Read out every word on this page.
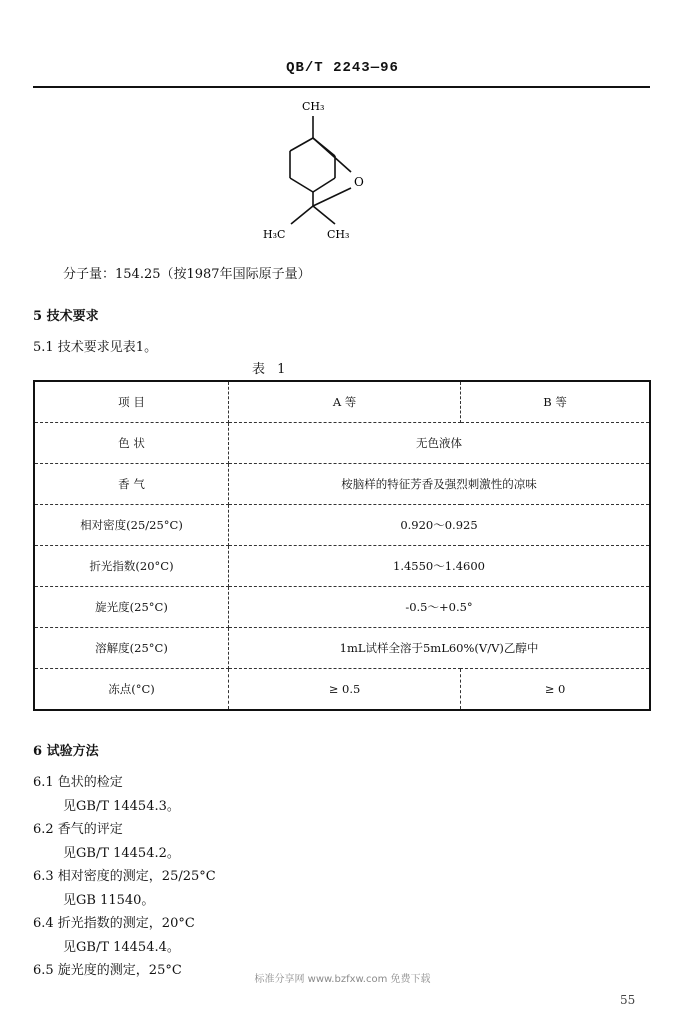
QB/T 2243—96
CH₃
O
H₃C	CH₃
分子量：154.25（按1987年国际原子量）
5 技术要求
5.1 技术要求见表1。
表 1
项 目	A 等	B 等
色 状	无色液体	
香 气	桉脑样的特征芳香及强烈刺激性的凉味	
相对密度(25/25°C)	0.920～0.925	
折光指数(20°C)	1.4550～1.4600	
旋光度(25°C)	-0.5～+0.5°	
溶解度(25°C)	1mL试样全溶于5mL60%(V/V)乙醇中	
冻点(°C)	≥ 0.5	≥ 0
6 试验方法
6.1 色状的检定
见GB/T 14454.3。
6.2 香气的评定
见GB/T 14454.2。
6.3 相对密度的测定，25/25°C
见GB 11540。
6.4 折光指数的测定，20°C
见GB/T 14454.4。
6.5 旋光度的测定，25°C
标准分享网 www.bzfxw.com 免费下载
55
